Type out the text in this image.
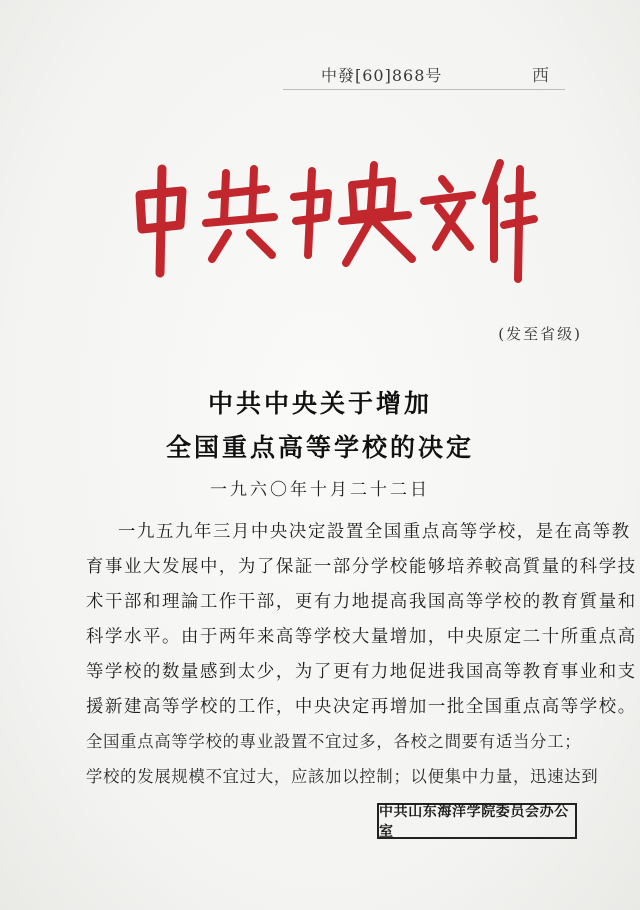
中發[60]868号	西
(发至省级)
中共中央关于增加
全国重点高等学校的决定
一九六〇年十月二十二日
一九五九年三月中央决定設置全国重点高等学校，是在高等教
育事业大发展中，为了保証一部分学校能够培养較高質量的科学技
术干部和理論工作干部，更有力地提高我国高等学校的教育質量和
科学水平。由于两年来高等学校大量增加，中央原定二十所重点高
等学校的数量感到太少，为了更有力地促进我国高等教育事业和支
援新建高等学校的工作，中央决定再增加一批全国重点高等学校。
全国重点高等学校的專业設置不宜过多，各校之間要有适当分工；
学校的发展规模不宜过大，应該加以控制；以便集中力量，迅速达到
中共山东海洋学院委员会办公室
